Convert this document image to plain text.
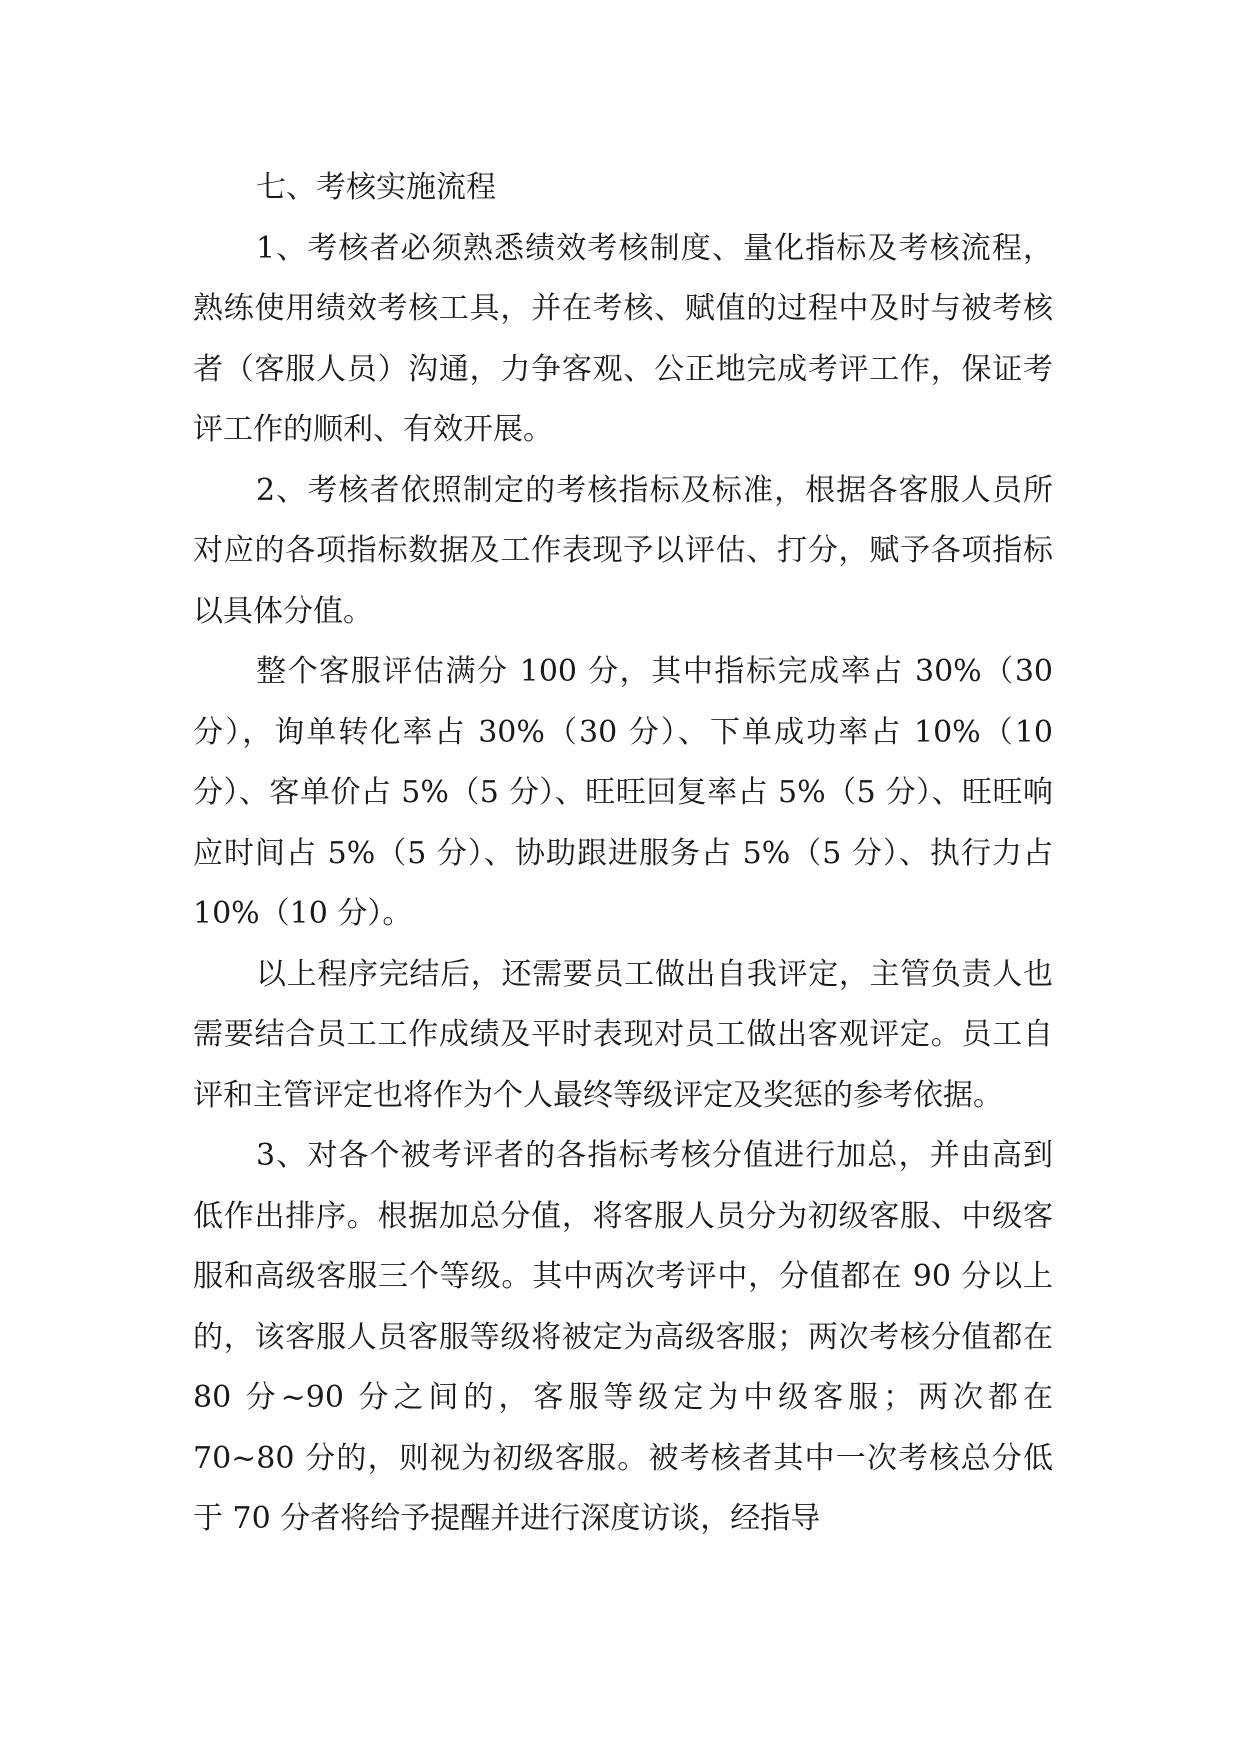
七、考核实施流程

1、考核者必须熟悉绩效考核制度、量化指标及考核流程，熟练使用绩效考核工具，并在考核、赋值的过程中及时与被考核者（客服人员）沟通，力争客观、公正地完成考评工作，保证考评工作的顺利、有效开展。

2、考核者依照制定的考核指标及标准，根据各客服人员所对应的各项指标数据及工作表现予以评估、打分，赋予各项指标以具体分值。

整个客服评估满分 100 分，其中指标完成率占 30%（30 分），询单转化率占 30%（30 分）、下单成功率占 10%（10 分）、客单价占 5%（5 分）、旺旺回复率占 5%（5 分）、旺旺响应时间占 5%（5 分）、协助跟进服务占 5%（5 分）、执行力占 10%（10 分）。

以上程序完结后，还需要员工做出自我评定，主管负责人也需要结合员工工作成绩及平时表现对员工做出客观评定。员工自评和主管评定也将作为个人最终等级评定及奖惩的参考依据。

3、对各个被考评者的各指标考核分值进行加总，并由高到低作出排序。根据加总分值，将客服人员分为初级客服、中级客服和高级客服三个等级。其中两次考评中，分值都在 90 分以上的，该客服人员客服等级将被定为高级客服；两次考核分值都在 80 分~90 分之间的，客服等级定为中级客服；两次都在 70~80 分的，则视为初级客服。被考核者其中一次考核总分低于 70 分者将给予提醒并进行深度访谈，经指导
